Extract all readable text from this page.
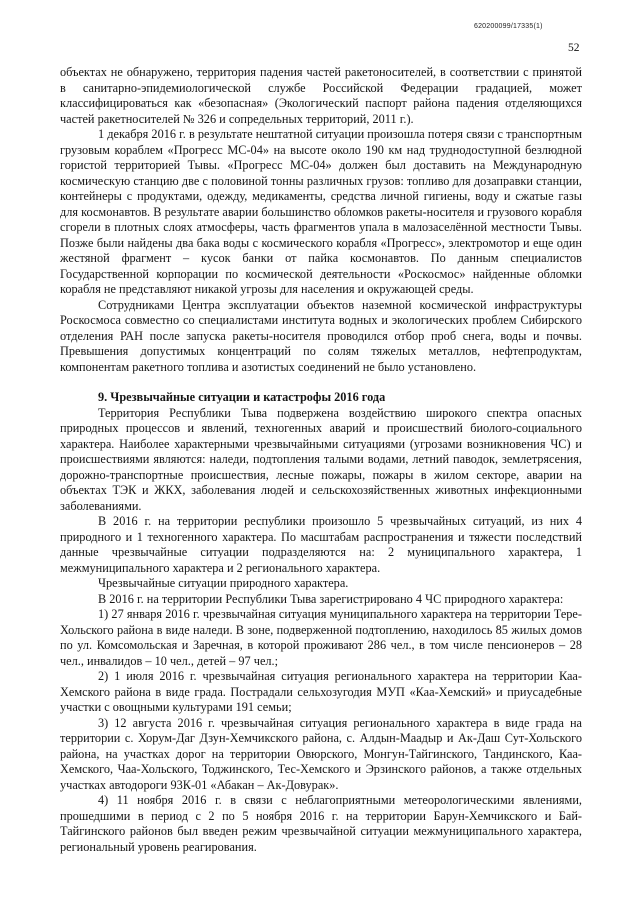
620200099/17335(1)
52

объектах не обнаружено, территория падения частей ракетоносителей, в соответствии с принятой в санитарно-эпидемиологической службе Российской Федерации градацией, может классифицироваться как «безопасная» (Экологический паспорт района падения отделяющихся частей ракетносителей № 326 и сопредельных территорий, 2011 г.).

1 декабря 2016 г. в результате нештатной ситуации произошла потеря связи с транспортным грузовым кораблем «Прогресс МС-04» на высоте около 190 км над труднодоступной безлюдной гористой территорией Тывы. «Прогресс МС-04» должен был доставить на Международную космическую станцию две с половиной тонны различных грузов: топливо для дозаправки станции, контейнеры с продуктами, одежду, медикаменты, средства личной гигиены, воду и сжатые газы для космонавтов. В результате аварии большинство обломков ракеты-носителя и грузового корабля сгорели в плотных слоях атмосферы, часть фрагментов упала в малозаселённой местности Тывы. Позже были найдены два бака воды с космического корабля «Прогресс», электромотор и еще один жестяной фрагмент – кусок банки от пайка космонавтов. По данным специалистов Государственной корпорации по космической деятельности «Роскосмос» найденные обломки корабля не представляют никакой угрозы для населения и окружающей среды.

Сотрудниками Центра эксплуатации объектов наземной космической инфраструктуры Роскосмоса совместно со специалистами института водных и экологических проблем Сибирского отделения РАН после запуска ракеты-носителя проводился отбор проб снега, воды и почвы. Превышения допустимых концентраций по солям тяжелых металлов, нефтепродуктам, компонентам ракетного топлива и азотистых соединений не было установлено.

9. Чрезвычайные ситуации и катастрофы 2016 года

Территория Республики Тыва подвержена воздействию широкого спектра опасных природных процессов и явлений, техногенных аварий и происшествий биолого-социального характера. Наиболее характерными чрезвычайными ситуациями (угрозами возникновения ЧС) и происшествиями являются: наледи, подтопления талыми водами, летний паводок, землетрясения, дорожно-транспортные происшествия, лесные пожары, пожары в жилом секторе, аварии на объектах ТЭК и ЖКХ, заболевания людей и сельскохозяйственных животных инфекционными заболеваниями.

В 2016 г. на территории республики произошло 5 чрезвычайных ситуаций, из них 4 природного и 1 техногенного характера. По масштабам распространения и тяжести последствий данные чрезвычайные ситуации подразделяются на: 2 муниципального характера, 1 межмуниципального характера и 2 регионального характера.

Чрезвычайные ситуации природного характера.

В 2016 г. на территории Республики Тыва зарегистрировано 4 ЧС природного характера:

1) 27 января 2016 г. чрезвычайная ситуация муниципального характера на территории Тере-Хольского района в виде наледи. В зоне, подверженной подтоплению, находилось 85 жилых домов по ул. Комсомольская и Заречная, в которой проживают 286 чел., в том числе пенсионеров – 28 чел., инвалидов – 10 чел., детей – 97 чел.;

2) 1 июля 2016 г. чрезвычайная ситуация регионального характера на территории Каа-Хемского района в виде града. Пострадали сельхозугодия МУП «Каа-Хемский» и приусадебные участки с овощными культурами 191 семьи;

3) 12 августа 2016 г. чрезвычайная ситуация регионального характера в виде града на территории с. Хорум-Даг Дзун-Хемчикского района, с. Алдын-Маадыр и Ак-Даш Сут-Хольского района, на участках дорог на территории Овюрского, Монгун-Тайгинского, Тандинского, Каа-Хемского, Чаа-Хольского, Тоджинского, Тес-Хемского и Эрзинского районов, а также отдельных участках автодороги 93К-01 «Абакан – Ак-Довурак».

4) 11 ноября 2016 г. в связи с неблагоприятными метеорологическими явлениями, прошедшими в период с 2 по 5 ноября 2016 г. на территории Барун-Хемчикского и Бай-Тайгинского районов был введен режим чрезвычайной ситуации межмуниципального характера, региональный уровень реагирования.
